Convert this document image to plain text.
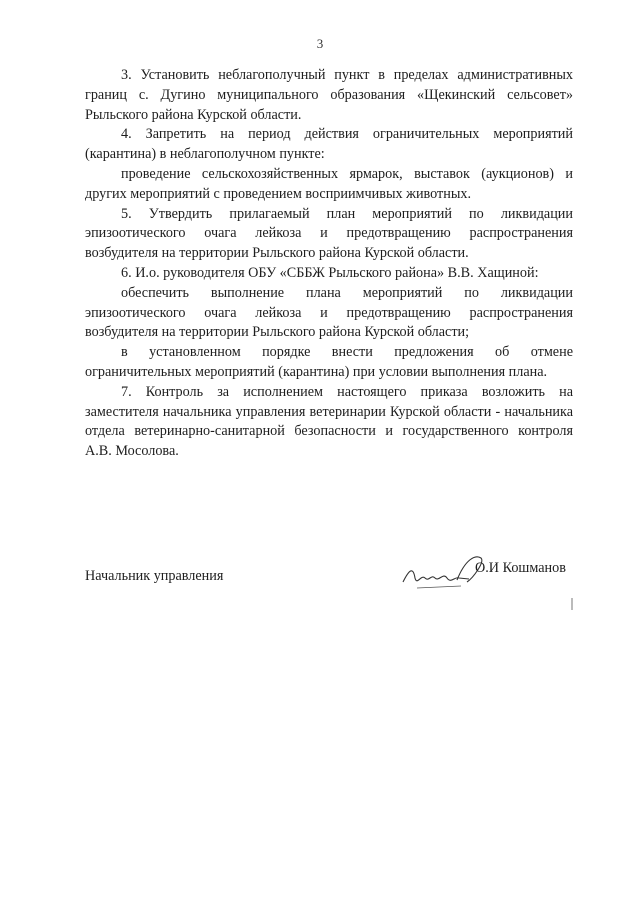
3

3. Установить неблагополучный пункт в пределах административных границ с. Дугино муниципального образования «Щекинский сельсовет» Рыльского района Курской области.

4. Запретить на период действия ограничительных мероприятий (карантина) в неблагополучном пункте:

проведение сельскохозяйственных ярмарок, выставок (аукционов) и других мероприятий с проведением восприимчивых животных.

5. Утвердить прилагаемый план мероприятий по ликвидации эпизоотического очага лейкоза и предотвращению распространения возбудителя на территории Рыльского района Курской области.

6. И.о. руководителя ОБУ «СББЖ Рыльского района» В.В. Хащиной:

обеспечить выполнение плана мероприятий по ликвидации эпизоотического очага лейкоза и предотвращению распространения возбудителя на территории Рыльского района Курской области;

в установленном порядке внести предложения об отмене ограничительных мероприятий (карантина) при условии выполнения плана.

7. Контроль за исполнением настоящего приказа возложить на заместителя начальника управления ветеринарии Курской области - начальника отдела ветеринарно-санитарной безопасности и государственного контроля А.В. Мосолова.

Начальник управления	О.И Кошманов
